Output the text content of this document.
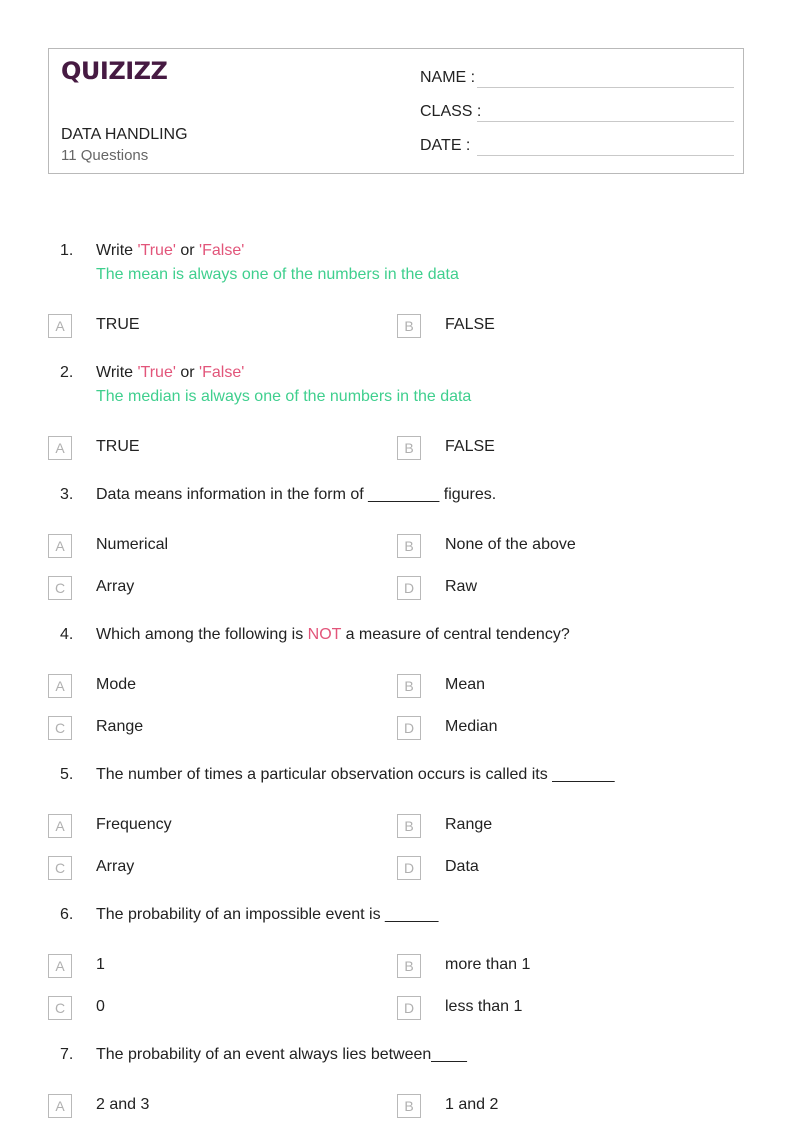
QUIZIZZ
DATA HANDLING
11 Questions
NAME :
CLASS :
DATE :
1. Write 'True' or 'False'
The mean is always one of the numbers in the data
A	TRUE	B	FALSE
2. Write 'True' or 'False'
The median is always one of the numbers in the data
A	TRUE	B	FALSE
3. Data means information in the form of ________ figures.
A	Numerical	B	None of the above
C	Array	D	Raw
4. Which among the following is NOT a measure of central tendency?
A	Mode	B	Mean
C	Range	D	Median
5. The number of times a particular observation occurs is called its _______
A	Frequency	B	Range
C	Array	D	Data
6. The probability of an impossible event is ______
A	1	B	more than 1
C	0	D	less than 1
7. The probability of an event always lies between____
A	2 and 3	B	1 and 2
